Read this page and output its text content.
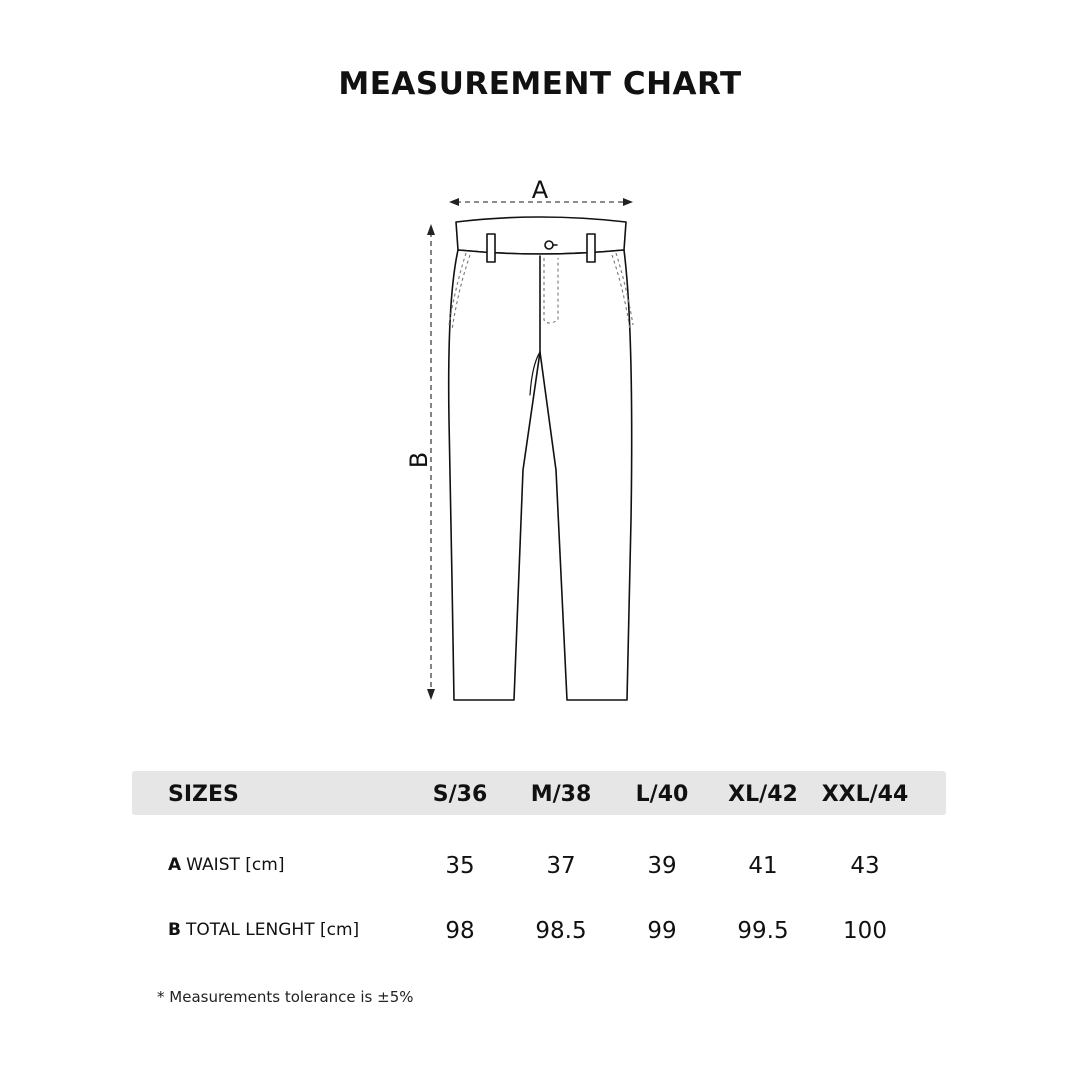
MEASUREMENT CHART
A
B
SIZES	S/36	M/38	L/40	XL/42	XXL/44
A WAIST [cm]	35	37	39	41	43
B TOTAL LENGHT [cm]	98	98.5	99	99.5	100
* Measurements tolerance is ±5%
